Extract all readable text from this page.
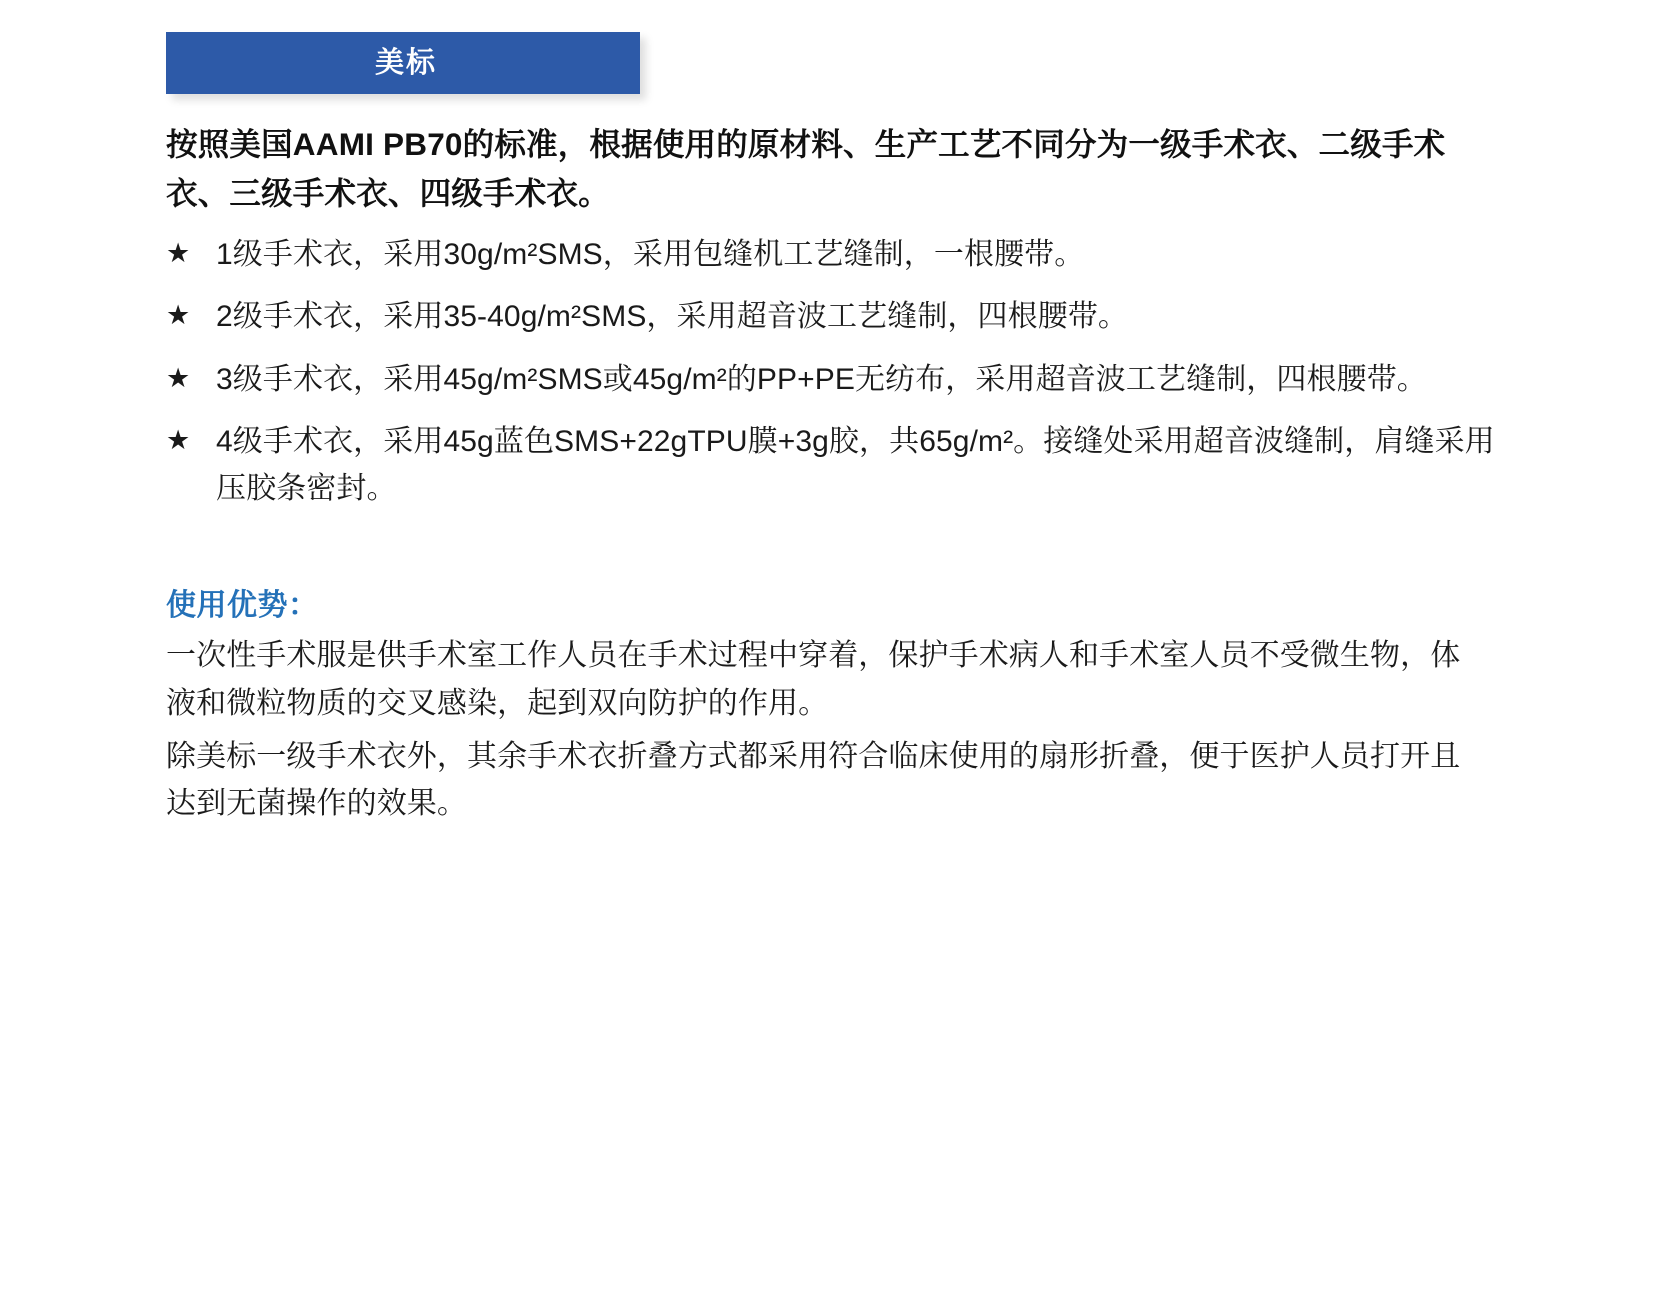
美标

按照美国AAMI PB70的标准，根据使用的原材料、生产工艺不同分为一级手术衣、二级手术衣、三级手术衣、四级手术衣。

★ 1级手术衣，采用30g/m²SMS，采用包缝机工艺缝制，一根腰带。
★ 2级手术衣，采用35-40g/m²SMS，采用超音波工艺缝制，四根腰带。
★ 3级手术衣，采用45g/m²SMS或45g/m²的PP+PE无纺布，采用超音波工艺缝制，四根腰带。
★ 4级手术衣，采用45g蓝色SMS+22gTPU膜+3g胶，共65g/m²。接缝处采用超音波缝制，肩缝采用压胶条密封。
使用优势：

一次性手术服是供手术室工作人员在手术过程中穿着，保护手术病人和手术室人员不受微生物，体液和微粒物质的交叉感染，起到双向防护的作用。

除美标一级手术衣外，其余手术衣折叠方式都采用符合临床使用的扇形折叠，便于医护人员打开且达到无菌操作的效果。
